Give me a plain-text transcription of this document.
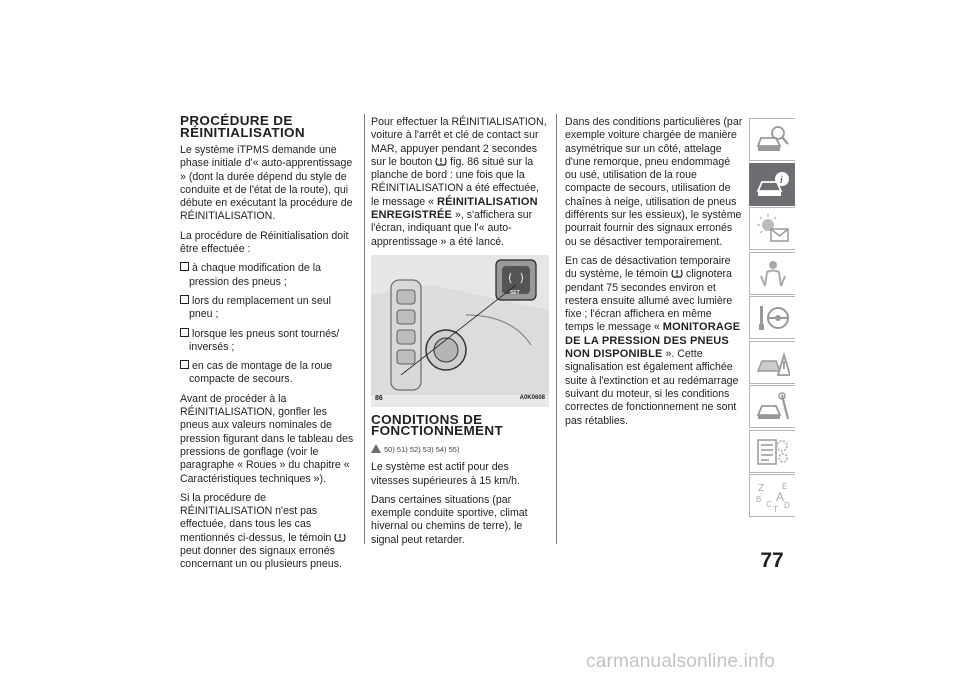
PROCÉDURE DE RÉINITIALISATION

Le système iTPMS demande une phase initiale d'« auto-apprentissage » (dont la durée dépend du style de conduite et de l'état de la route), qui débute en exécutant la procédure de RÉINITIALISATION.

La procédure de Réinitialisation doit être effectuée :

à chaque modification de la pression des pneus ;
lors du remplacement un seul pneu ;
lorsque les pneus sont tournés/ inversés ;
en cas de montage de la roue compacte de secours.

Avant de procéder à la RÉINITIALISATION, gonfler les pneus aux valeurs nominales de pression figurant dans le tableau des pressions de gonflage (voir le paragraphe « Roues » du chapitre « Caractéristiques techniques »).

Si la procédure de RÉINITIALISATION n'est pas effectuée, dans tous les cas mentionnés ci-dessus, le témoin  peut donner des signaux erronés concernant un ou plusieurs pneus.

Pour effectuer la RÉINITIALISATION, voiture à l'arrêt et clé de contact sur MAR, appuyer pendant 2 secondes sur le bouton fig. 86 situé sur la planche de bord : une fois que la RÉINITIALISATION a été effectuée, le message « RÉINITIALISATION ENREGISTRÉE », s'affichera sur l'écran, indiquant que l'« auto-apprentissage » a été lancé.

SET
86	A0K0608
CONDITIONS DE FONCTIONNEMENT
50) 51) 52) 53) 54) 55)

Le système est actif pour des vitesses supérieures à 15 km/h.

Dans certaines situations (par exemple conduite sportive, climat hivernal ou chemins de terre), le signal peut retarder.

Dans des conditions particulières (par exemple voiture chargée de manière asymétrique sur un côté, attelage d'une remorque, pneu endommagé ou usé, utilisation de la roue compacte de secours, utilisation de chaînes à neige, utilisation de pneus différents sur les essieux), le système pourrait fournir des signaux erronés ou se désactiver temporairement.

En cas de désactivation temporaire du système, le témoin clignotera pendant 75 secondes environ et restera ensuite allumé avec lumière fixe ; l'écran affichera en même temps le message « MONITORAGE DE LA PRESSION DES PNEUS NON DISPONIBLE ». Cette signalisation est également affichée suite à l'extinction et au redémarrage suivant du moteur, si les conditions correctes de fonctionnement ne sont pas rétablies.

i
Z E
B A
C D
T
77
carmanualsonline.info
